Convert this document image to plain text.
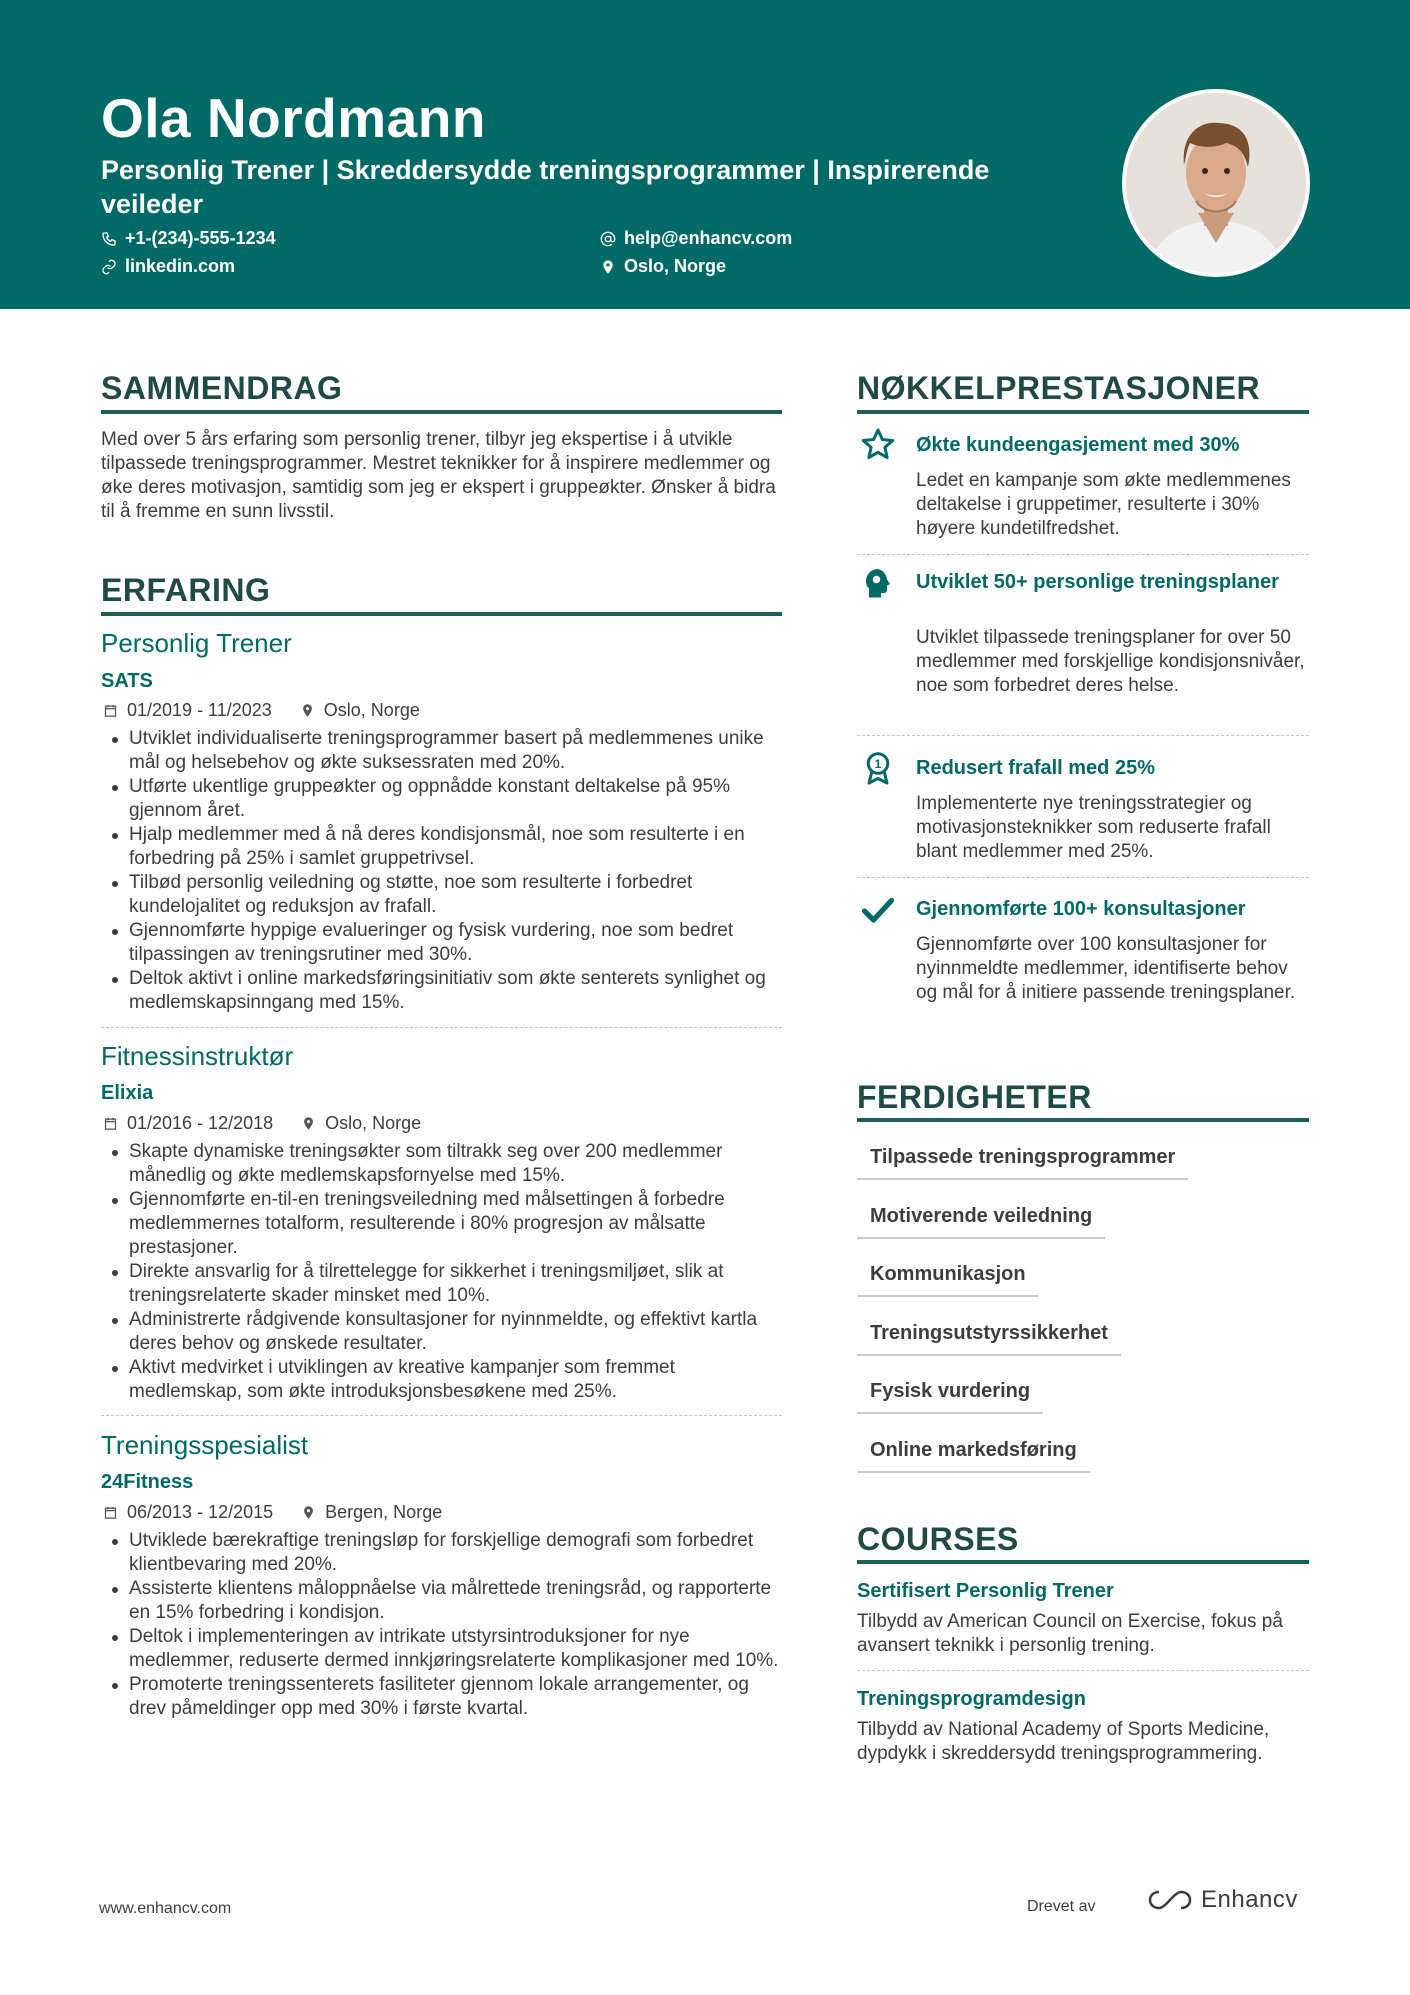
Ola Nordmann
Personlig Trener | Skreddersydde treningsprogrammer | Inspirerende veileder
+1-(234)-555-1234	help@enhancv.com
linkedin.com	Oslo, Norge
SAMMENDRAG
Med over 5 års erfaring som personlig trener, tilbyr jeg ekspertise i å utvikle tilpassede treningsprogrammer. Mestret teknikker for å inspirere medlemmer og øke deres motivasjon, samtidig som jeg er ekspert i gruppeøkter. Ønsker å bidra til å fremme en sunn livsstil.
ERFARING
Personlig Trener
SATS
01/2019 - 11/2023	Oslo, Norge
Utviklet individualiserte treningsprogrammer basert på medlemmenes unike mål og helsebehov og økte suksessraten med 20%.
Utførte ukentlige gruppeøkter og oppnådde konstant deltakelse på 95% gjennom året.
Hjalp medlemmer med å nå deres kondisjonsmål, noe som resulterte i en forbedring på 25% i samlet gruppetrivsel.
Tilbød personlig veiledning og støtte, noe som resulterte i forbedret kundelojalitet og reduksjon av frafall.
Gjennomførte hyppige evalueringer og fysisk vurdering, noe som bedret tilpassingen av treningsrutiner med 30%.
Deltok aktivt i online markedsføringsinitiativ som økte senterets synlighet og medlemskapsinngang med 15%.
Fitnessinstruktør
Elixia
01/2016 - 12/2018	Oslo, Norge
Skapte dynamiske treningsøkter som tiltrakk seg over 200 medlemmer månedlig og økte medlemskapsfornyelse med 15%.
Gjennomførte en-til-en treningsveiledning med målsettingen å forbedre medlemmernes totalform, resulterende i 80% progresjon av målsatte prestasjoner.
Direkte ansvarlig for å tilrettelegge for sikkerhet i treningsmiljøet, slik at treningsrelaterte skader minsket med 10%.
Administrerte rådgivende konsultasjoner for nyinnmeldte, og effektivt kartla deres behov og ønskede resultater.
Aktivt medvirket i utviklingen av kreative kampanjer som fremmet medlemskap, som økte introduksjonsbesøkene med 25%.
Treningsspesialist
24Fitness
06/2013 - 12/2015	Bergen, Norge
Utviklede bærekraftige treningsløp for forskjellige demografi som forbedret klientbevaring med 20%.
Assisterte klientens måloppnåelse via målrettede treningsråd, og rapporterte en 15% forbedring i kondisjon.
Deltok i implementeringen av intrikate utstyrsintroduksjoner for nye medlemmer, reduserte dermed innkjøringsrelaterte komplikasjoner med 10%.
Promoterte treningssenterets fasiliteter gjennom lokale arrangementer, og drev påmeldinger opp med 30% i første kvartal.
NØKKELPRESTASJONER
Økte kundeengasjement med 30%
Ledet en kampanje som økte medlemmenes deltakelse i gruppetimer, resulterte i 30% høyere kundetilfredshet.
Utviklet 50+ personlige treningsplaner
Utviklet tilpassede treningsplaner for over 50 medlemmer med forskjellige kondisjonsnivåer, noe som forbedret deres helse.
1 Redusert frafall med 25%
Implementerte nye treningsstrategier og motivasjonsteknikker som reduserte frafall blant medlemmer med 25%.
Gjennomførte 100+ konsultasjoner
Gjennomførte over 100 konsultasjoner for nyinnmeldte medlemmer, identifiserte behov og mål for å initiere passende treningsplaner.
FERDIGHETER
Tilpassede treningsprogrammer
Motiverende veiledning
Kommunikasjon
Treningsutstyrssikkerhet
Fysisk vurdering
Online markedsføring
COURSES
Sertifisert Personlig Trener
Tilbydd av American Council on Exercise, fokus på avansert teknikk i personlig trening.
Treningsprogramdesign
Tilbydd av National Academy of Sports Medicine, dypdykk i skreddersydd treningsprogrammering.
www.enhancv.com	Drevet av	Enhancv
